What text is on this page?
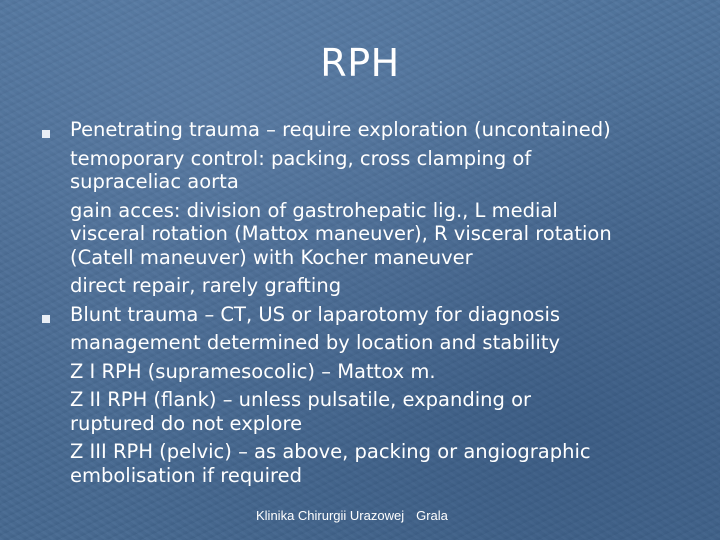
RPH
Penetrating trauma – require exploration (uncontained)
temoporary control: packing, cross clamping of
supraceliac aorta
gain acces: division of gastrohepatic lig., L medial
visceral rotation (Mattox maneuver), R visceral rotation
(Catell maneuver) with Kocher maneuver
direct repair, rarely grafting
Blunt trauma – CT, US or laparotomy for diagnosis
management determined by location and stability
Z I RPH (supramesocolic) – Mattox m.
Z II RPH (flank) – unless pulsatile, expanding or
ruptured do not explore
Z III RPH (pelvic) – as above, packing or angiographic
embolisation if required
Klinika Chirurgii Urazowej Grala
